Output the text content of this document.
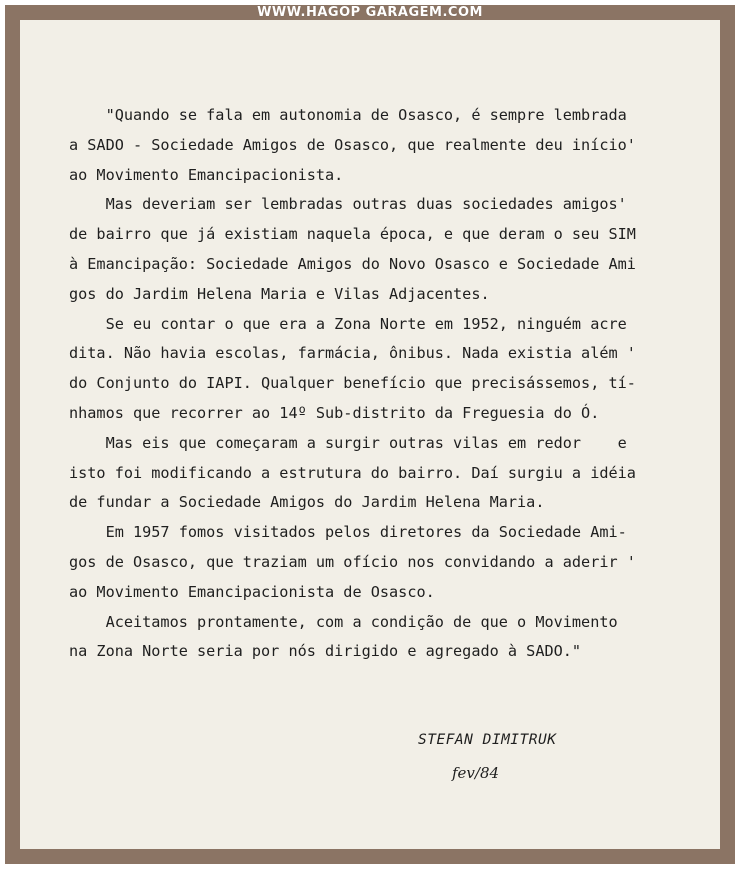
WWW.HAGOP GARAGEM.COM

"Quando se fala em autonomia de Osasco, é sempre lembrada
a SADO - Sociedade Amigos de Osasco, que realmente deu início'
ao Movimento Emancipacionista.

Mas deveriam ser lembradas outras duas sociedades amigos'
de bairro que já existiam naquela época, e que deram o seu SIM
à Emancipação: Sociedade Amigos do Novo Osasco e Sociedade Ami
gos do Jardim Helena Maria e Vilas Adjacentes.

Se eu contar o que era a Zona Norte em 1952, ninguém acre
dita. Não havia escolas, farmácia, ônibus. Nada existia além '
do Conjunto do IAPI. Qualquer benefício que precisássemos, tí-
nhamos que recorrer ao 14º Sub-distrito da Freguesia do Ó.

Mas eis que começaram a surgir outras vilas em redor    e
isto foi modificando a estrutura do bairro. Daí surgiu a idéia
de fundar a Sociedade Amigos do Jardim Helena Maria.

Em 1957 fomos visitados pelos diretores da Sociedade Ami-
gos de Osasco, que traziam um ofício nos convidando a aderir '
ao Movimento Emancipacionista de Osasco.

Aceitamos prontamente, com a condição de que o Movimento
na Zona Norte seria por nós dirigido e agregado à SADO."

STEFAN DIMITRUK
fev/84
